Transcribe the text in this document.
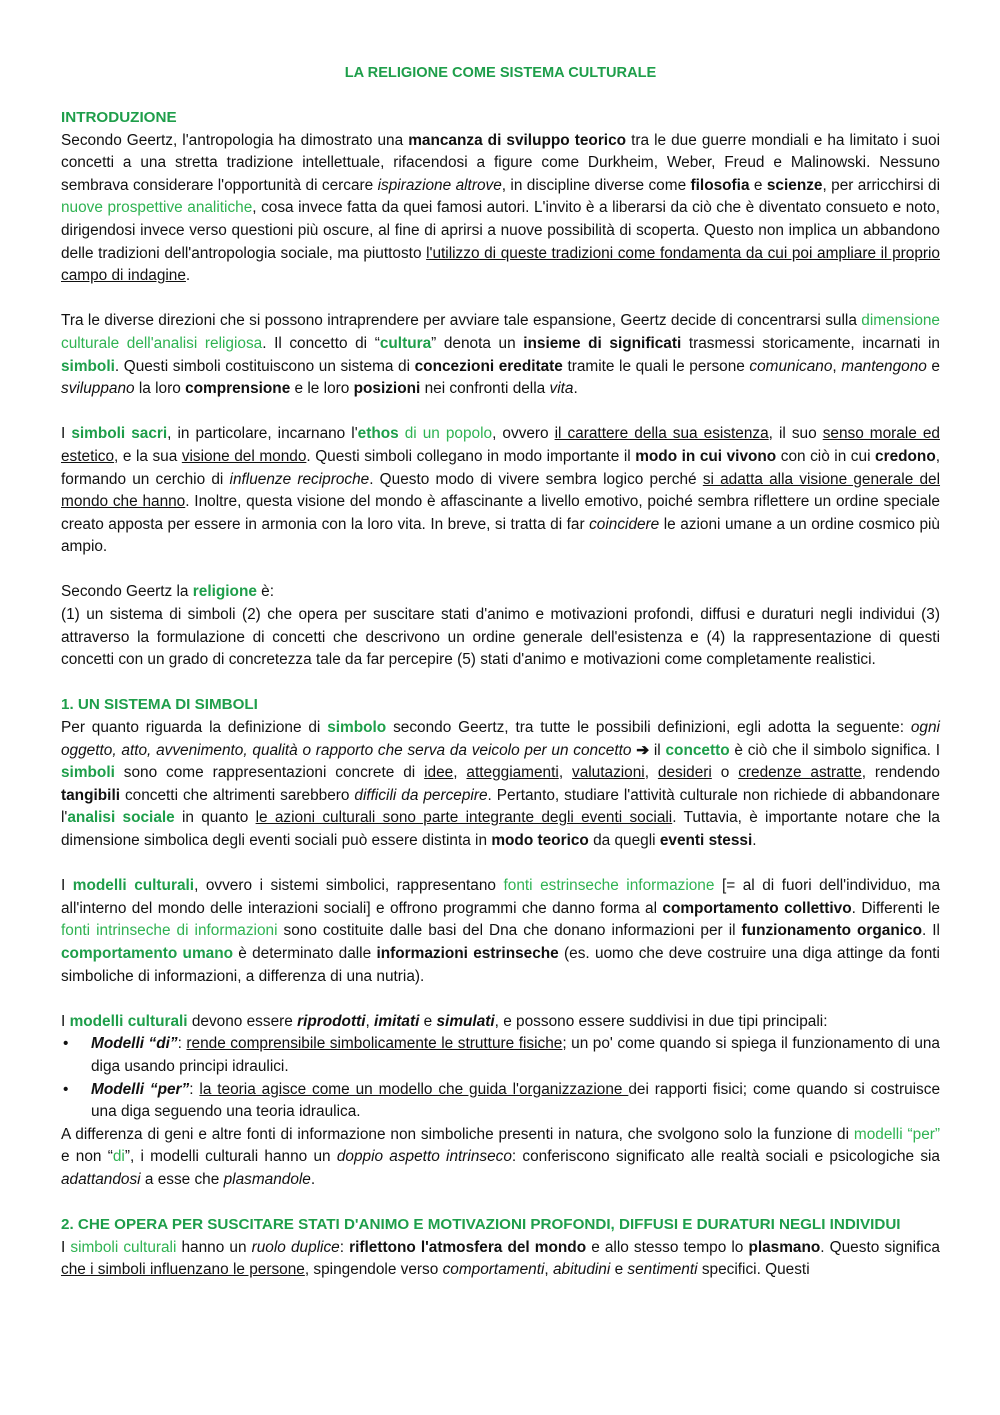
LA RELIGIONE COME SISTEMA CULTURALE
INTRODUZIONE

Secondo Geertz, l'antropologia ha dimostrato una mancanza di sviluppo teorico tra le due guerre mondiali e ha limitato i suoi concetti a una stretta tradizione intellettuale, rifacendosi a figure come Durkheim, Weber, Freud e Malinowski. Nessuno sembrava considerare l'opportunità di cercare ispirazione altrove, in discipline diverse come filosofia e scienze, per arricchirsi di nuove prospettive analitiche, cosa invece fatta da quei famosi autori. L'invito è a liberarsi da ciò che è diventato consueto e noto, dirigendosi invece verso questioni più oscure, al fine di aprirsi a nuove possibilità di scoperta. Questo non implica un abbandono delle tradizioni dell'antropologia sociale, ma piuttosto l'utilizzo di queste tradizioni come fondamenta da cui poi ampliare il proprio campo di indagine.

Tra le diverse direzioni che si possono intraprendere per avviare tale espansione, Geertz decide di concentrarsi sulla dimensione culturale dell'analisi religiosa. Il concetto di “cultura” denota un insieme di significati trasmessi storicamente, incarnati in simboli. Questi simboli costituiscono un sistema di concezioni ereditate tramite le quali le persone comunicano, mantengono e sviluppano la loro comprensione e le loro posizioni nei confronti della vita.

I simboli sacri, in particolare, incarnano l'ethos di un popolo, ovvero il carattere della sua esistenza, il suo senso morale ed estetico, e la sua visione del mondo. Questi simboli collegano in modo importante il modo in cui vivono con ciò in cui credono, formando un cerchio di influenze reciproche. Questo modo di vivere sembra logico perché si adatta alla visione generale del mondo che hanno. Inoltre, questa visione del mondo è affascinante a livello emotivo, poiché sembra riflettere un ordine speciale creato apposta per essere in armonia con la loro vita. In breve, si tratta di far coincidere le azioni umane a un ordine cosmico più ampio.

Secondo Geertz la religione è:

(1) un sistema di simboli (2) che opera per suscitare stati d'animo e motivazioni profondi, diffusi e duraturi negli individui (3) attraverso la formulazione di concetti che descrivono un ordine generale dell'esistenza e (4) la rappresentazione di questi concetti con un grado di concretezza tale da far percepire (5) stati d'animo e motivazioni come completamente realistici.

1. UN SISTEMA DI SIMBOLI

Per quanto riguarda la definizione di simbolo secondo Geertz, tra tutte le possibili definizioni, egli adotta la seguente: ogni oggetto, atto, avvenimento, qualità o rapporto che serva da veicolo per un concetto ➔ il concetto è ciò che il simbolo significa. I simboli sono come rappresentazioni concrete di idee, atteggiamenti, valutazioni, desideri o credenze astratte, rendendo tangibili concetti che altrimenti sarebbero difficili da percepire. Pertanto, studiare l'attività culturale non richiede di abbandonare l'analisi sociale in quanto le azioni culturali sono parte integrante degli eventi sociali. Tuttavia, è importante notare che la dimensione simbolica degli eventi sociali può essere distinta in modo teorico da quegli eventi stessi.

I modelli culturali, ovvero i sistemi simbolici, rappresentano fonti estrinseche informazione [= al di fuori dell'individuo, ma all'interno del mondo delle interazioni sociali] e offrono programmi che danno forma al comportamento collettivo. Differenti le fonti intrinseche di informazioni sono costituite dalle basi del Dna che donano informazioni per il funzionamento organico. Il comportamento umano è determinato dalle informazioni estrinseche (es. uomo che deve costruire una diga attinge da fonti simboliche di informazioni, a differenza di una nutria).

I modelli culturali devono essere riprodotti, imitati e simulati, e possono essere suddivisi in due tipi principali:

• Modelli “di”: rende comprensibile simbolicamente le strutture fisiche; un po' come quando si spiega il funzionamento di una diga usando principi idraulici.
• Modelli “per”: la teoria agisce come un modello che guida l'organizzazione dei rapporti fisici; come quando si costruisce una diga seguendo una teoria idraulica.

A differenza di geni e altre fonti di informazione non simboliche presenti in natura, che svolgono solo la funzione di modelli “per” e non “di”, i modelli culturali hanno un doppio aspetto intrinseco: conferiscono significato alle realtà sociali e psicologiche sia adattandosi a esse che plasmandole.

2. CHE OPERA PER SUSCITARE STATI D'ANIMO E MOTIVAZIONI PROFONDI, DIFFUSI E DURATURI NEGLI INDIVIDUI

I simboli culturali hanno un ruolo duplice: riflettono l'atmosfera del mondo e allo stesso tempo lo plasmano. Questo significa che i simboli influenzano le persone, spingendole verso comportamenti, abitudini e sentimenti specifici. Questi
